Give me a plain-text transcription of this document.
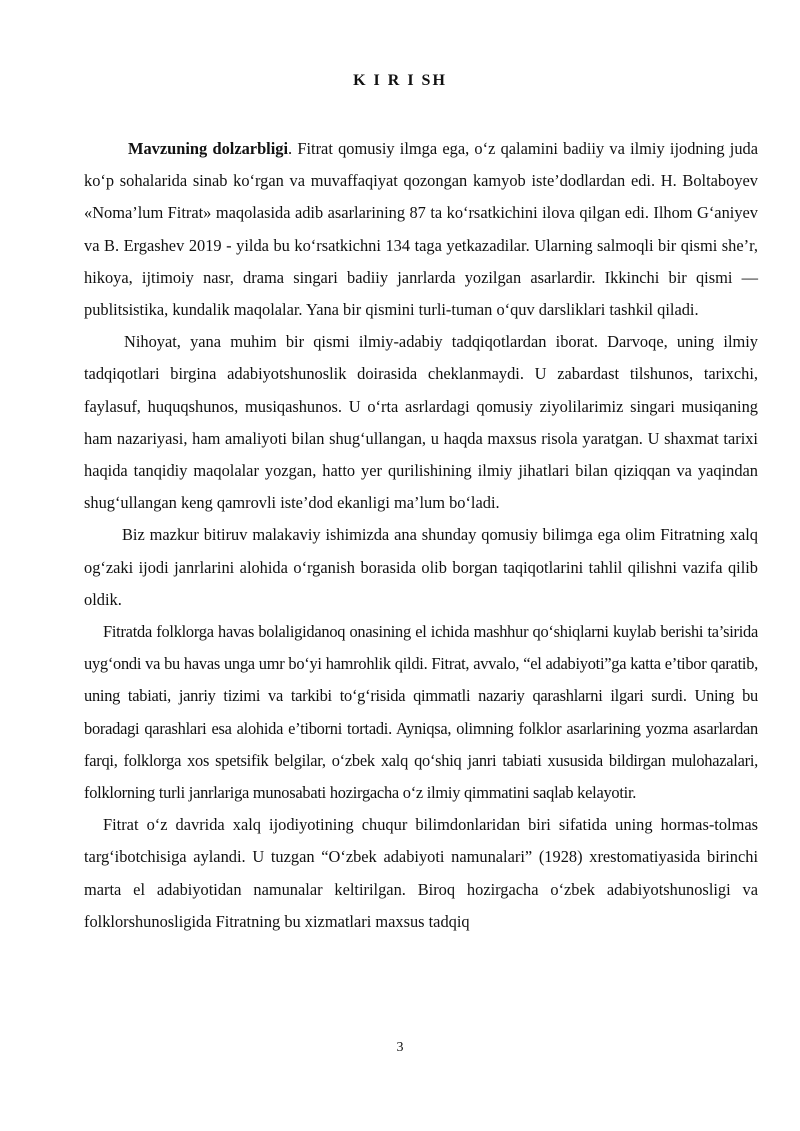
K I R I SH

Mavzuning dolzarbligi. Fitrat qomusiy ilmga ega, o‘z qalamini badiiy va ilmiy ijodning juda ko‘p sohalarida sinab ko‘rgan va muvaffaqiyat qozongan kamyob iste’dodlardan edi. H. Boltaboyev «Noma’lum Fitrat» maqolasida adib asarlarining 87 ta ko‘rsatkichini ilova qilgan edi. Ilhom G‘aniyev va B. Ergashev 2019 - yilda bu ko‘rsatkichni 134 taga yetkazadilar. Ularning salmoqli bir qismi she’r, hikoya, ijtimoiy nasr, drama singari badiiy janrlarda yozilgan asarlardir. Ikkinchi bir qismi — publitsistika, kundalik maqolalar. Yana bir qismini turli-tuman o‘quv darsliklari tashkil qiladi.

Nihoyat, yana muhim bir qismi ilmiy-adabiy tadqiqotlardan iborat. Darvoqe, uning ilmiy tadqiqotlari birgina adabiyotshunoslik doirasida cheklanmaydi. U zabardast tilshunos, tarixchi, faylasuf, huquqshunos, musiqashunos. U o‘rta asrlardagi qomusiy ziyolilarimiz singari musiqaning ham nazariyasi, ham amaliyoti bilan shug‘ullangan, u haqda maxsus risola yaratgan. U shaxmat tarixi haqida tanqidiy maqolalar yozgan, hatto yer qurilishining ilmiy jihatlari bilan qiziqqan va yaqindan shug‘ullangan keng qamrovli iste’dod ekanligi ma’lum bo‘ladi.

Biz mazkur bitiruv malakaviy ishimizda ana shunday qomusiy bilimga ega olim Fitratning xalq og‘zaki ijodi janrlarini alohida o‘rganish borasida olib borgan taqiqotlarini tahlil qilishni vazifa qilib oldik.

Fitratda folklorga havas bolaligidanoq onasining el ichida mashhur qo‘shiqlarni kuylab berishi ta’sirida uyg‘ondi va bu havas unga umr bo‘yi hamrohlik qildi. Fitrat, avvalo, “el adabiyoti”ga katta e’tibor qaratib, uning tabiati, janriy tizimi va tarkibi to‘g‘risida qimmatli nazariy qarashlarni ilgari surdi. Uning bu boradagi qarashlari esa alohida e’tiborni tortadi. Ayniqsa, olimning folklor asarlarining yozma asarlardan farqi, folklorga xos spetsifik belgilar, o‘zbek xalq qo‘shiq janri tabiati xususida bildirgan mulohazalari, folklorning turli janrlariga munosabati hozirgacha o‘z ilmiy qimmatini saqlab kelayotir.

Fitrat o‘z davrida xalq ijodiyotining chuqur bilimdonlaridan biri sifatida uning hormas-tolmas targ‘ibotchisiga aylandi. U tuzgan “O‘zbek adabiyoti namunalari” (1928) xrestomatiyasida birinchi marta el adabiyotidan namunalar keltirilgan. Biroq hozirgacha o‘zbek adabiyotshunosligi va folklorshunosligida Fitratning bu xizmatlari maxsus tadqiq

3
